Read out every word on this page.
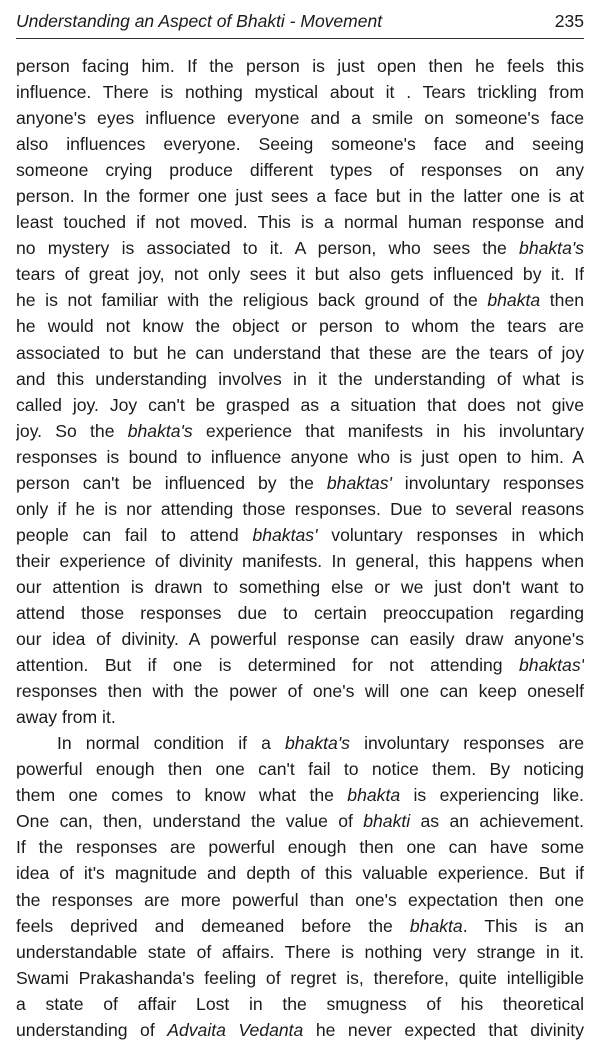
Understanding an Aspect of Bhakti - Movement	235
person facing him. If the person is just open then he feels this
influence. There is nothing mystical about it . Tears trickling from
anyone's eyes influence everyone and a smile on someone's face
also influences everyone. Seeing someone's face and seeing
someone crying produce different types of responses on any
person. In the former one just sees a face but in the latter one is at
least touched if not moved. This is a normal human response and
no mystery is associated to it. A person, who sees the bhakta's
tears of great joy, not only sees it but also gets influenced by it. If
he is not familiar with the religious back ground of the bhakta then
he would not know the object or person to whom the tears are
associated to but he can understand that these are the tears of joy
and this understanding involves in it the understanding of what is
called joy. Joy can't be grasped as a situation that does not give
joy. So the bhakta's experience that manifests in his involuntary
responses is bound to influence anyone who is just open to him. A
person can't be influenced by the bhaktas' involuntary responses
only if he is nor attending those responses. Due to several reasons
people can fail to attend bhaktas' voluntary responses in which
their experience of divinity manifests. In general, this happens when
our attention is drawn to something else or we just don't want to
attend those responses due to certain preoccupation regarding
our idea of divinity. A powerful response can easily draw anyone's
attention. But if one is determined for not attending bhaktas'
responses then with the power of one's will one can keep oneself
away from it.
In normal condition if a bhakta's involuntary responses are
powerful enough then one can't fail to notice them. By noticing
them one comes to know what the bhakta is experiencing like.
One can, then, understand the value of bhakti as an achievement.
If the responses are powerful enough then one can have some
idea of it's magnitude and depth of this valuable experience. But if
the responses are more powerful than one's expectation then one
feels deprived and demeaned before the bhakta. This is an
understandable state of affairs. There is nothing very strange in it.
Swami Prakashanda's feeling of regret is, therefore, quite intelligible
a state of affair Lost in the smugness of his theoretical
understanding of Advaita Vedanta he never expected that divinity
